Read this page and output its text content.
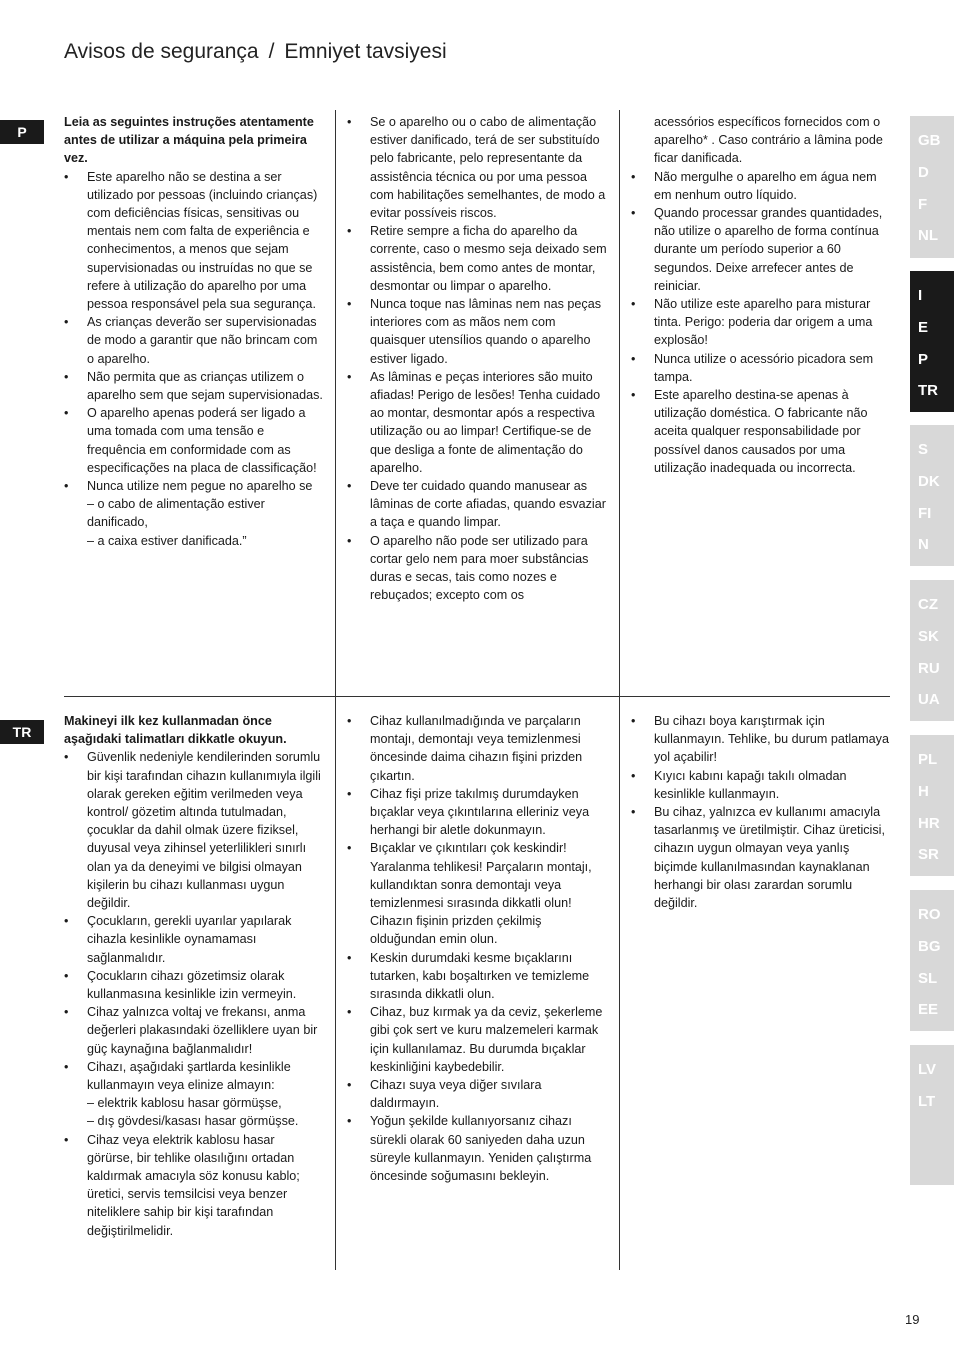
Avisos de segurança / Emniyet tavsiyesi
P

Leia as seguintes instruções atentamente antes de utilizar a máquina pela primeira vez.

• Este aparelho não se destina a ser utilizado por pessoas (incluindo crianças) com deficiências físicas, sensitivas ou mentais nem com falta de experiência e conhecimentos, a menos que sejam supervisionadas ou instruídas no que se refere à utilização do aparelho por uma pessoa responsável pela sua segurança.
• As crianças deverão ser supervisionadas de modo a garantir que não brincam com o aparelho.
• Não permita que as crianças utilizem o aparelho sem que sejam supervisionadas.
• O aparelho apenas poderá ser ligado a uma tomada com uma tensão e frequência em conformidade com as especificações na placa de classificação!
• Nunca utilize nem pegue no aparelho se
– o cabo de alimentação estiver danificado,
– a caixa estiver danificada.”
• Se o aparelho ou o cabo de alimentação estiver danificado, terá de ser substituído pelo fabricante, pelo representante da assistência técnica ou por uma pessoa com habilitações semelhantes, de modo a evitar possíveis riscos.
• Retire sempre a ficha do aparelho da corrente, caso o mesmo seja deixado sem assistência, bem como antes de montar, desmontar ou limpar o aparelho.
• Nunca toque nas lâminas nem nas peças interiores com as mãos nem com quaisquer utensílios quando o aparelho estiver ligado.
• As lâminas e peças interiores são muito afiadas! Perigo de lesões! Tenha cuidado ao montar, desmontar após a respectiva utilização ou ao limpar! Certifique-se de que desliga a fonte de alimentação do aparelho.
• Deve ter cuidado quando manusear as lâminas de corte afiadas, quando esvaziar a taça e quando limpar.
• O aparelho não pode ser utilizado para cortar gelo nem para moer substâncias duras e secas, tais como nozes e rebuçados; excepto com os

acessórios específicos fornecidos com o aparelho* . Caso contrário a lâmina pode ficar danificada.

• Não mergulhe o aparelho em água nem em nenhum outro líquido.
• Quando processar grandes quantidades, não utilize o aparelho de forma contínua durante um período superior a 60 segundos. Deixe arrefecer antes de reiniciar.
• Não utilize este aparelho para misturar tinta. Perigo: poderia dar origem a uma explosão!
• Nunca utilize o acessório picadora sem tampa.
• Este aparelho destina-se apenas à utilização doméstica. O fabricante não aceita qualquer responsabilidade por possível danos causados por uma utilização inadequada ou incorrecta.
TR

Makineyi ilk kez kullanmadan önce aşağıdaki talimatları dikkatle okuyun.

• Güvenlik nedeniyle kendilerinden sorumlu bir kişi tarafından cihazın kullanımıyla ilgili olarak gereken eğitim verilmeden veya kontrol/ gözetim altında tutulmadan, çocuklar da dahil olmak üzere fiziksel, duyusal veya zihinsel yeterlilikleri sınırlı olan ya da deneyimi ve bilgisi olmayan kişilerin bu cihazı kullanması uygun değildir.
• Çocukların, gerekli uyarılar yapılarak cihazla kesinlikle oynamaması sağlanmalıdır.
• Çocukların cihazı gözetimsiz olarak kullanmasına kesinlikle izin vermeyin.
• Cihaz yalnızca voltaj ve frekansı, anma değerleri plakasındaki özelliklere uyan bir güç kaynağına bağlanmalıdır!
• Cihazı, aşağıdaki şartlarda kesinlikle kullanmayın veya elinize almayın:
– elektrik kablosu hasar görmüşse,
– dış gövdesi/kasası hasar görmüşse.
• Cihaz veya elektrik kablosu hasar görürse, bir tehlike olasılığını ortadan kaldırmak amacıyla söz konusu kablo; üretici, servis temsilcisi veya benzer niteliklere sahip bir kişi tarafından değiştirilmelidir.
• Cihaz kullanılmadığında ve parçaların montajı, demontajı veya temizlenmesi öncesinde daima cihazın fişini prizden çıkartın.
• Cihaz fişi prize takılmış durumdayken bıçaklar veya çıkıntılarına elleriniz veya herhangi bir aletle dokunmayın.
• Bıçaklar ve çıkıntıları çok keskindir! Yaralanma tehlikesi! Parçaların montajı, kullandıktan sonra demontajı veya temizlenmesi sırasında dikkatli olun! Cihazın fişinin prizden çekilmiş olduğundan emin olun.
• Keskin durumdaki kesme bıçaklarını tutarken, kabı boşaltırken ve temizleme sırasında dikkatli olun.
• Cihaz, buz kırmak ya da ceviz, şekerleme gibi çok sert ve kuru malzemeleri karmak için kullanılamaz. Bu durumda bıçaklar keskinliğini kaybedebilir.
• Cihazı suya veya diğer sıvılara daldırmayın.
• Yoğun şekilde kullanıyorsanız cihazı sürekli olarak 60 saniyeden daha uzun süreyle kullanmayın. Yeniden çalıştırma öncesinde soğumasını bekleyin.
• Bu cihazı boya karıştırmak için kullanmayın. Tehlike, bu durum patlamaya yol açabilir!
• Kıyıcı kabını kapağı takılı olmadan kesinlikle kullanmayın.
• Bu cihaz, yalnızca ev kullanımı amacıyla tasarlanmış ve üretilmiştir. Cihaz üreticisi, cihazın uygun olmayan veya yanlış biçimde kullanılmasından kaynaklanan herhangi bir olası zarardan sorumlu değildir.
GB
D
F
NL
I
E
P
TR
S
DK
FI
N
CZ
SK
RU
UA
PL
H
HR
SR
RO
BG
SL
EE
LV
LT
19
